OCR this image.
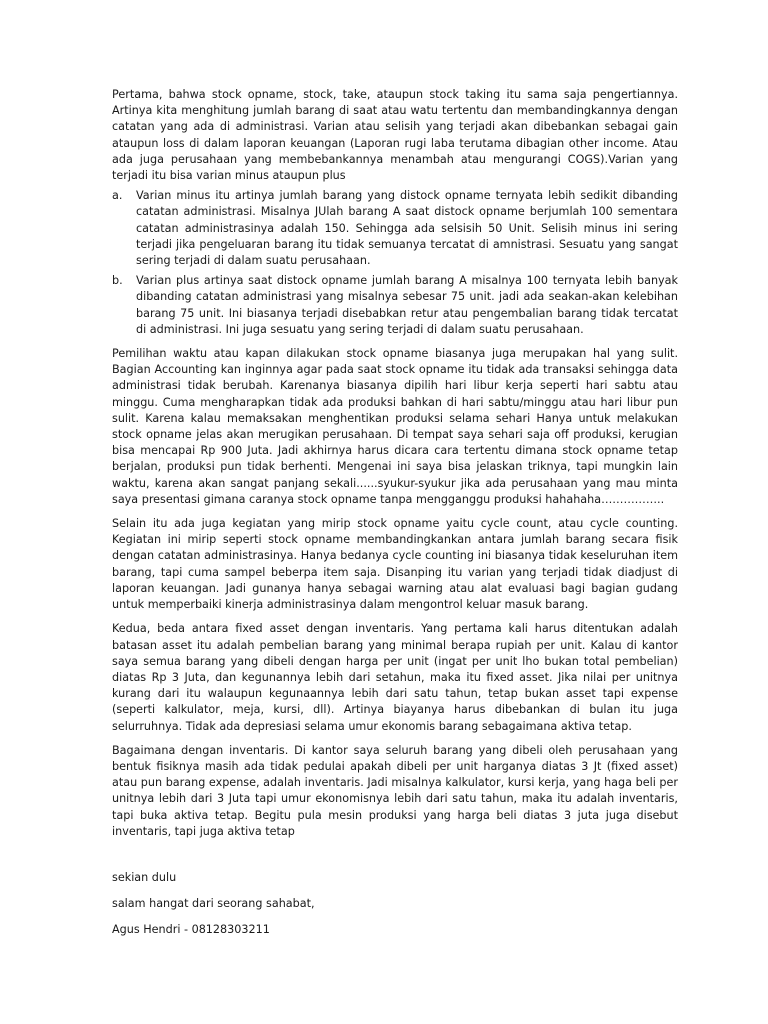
Pertama, bahwa stock opname, stock, take, ataupun stock taking itu sama saja pengertiannya. Artinya kita menghitung jumlah barang di saat atau watu tertentu dan membandingkannya dengan catatan yang ada di administrasi. Varian atau selisih yang terjadi akan dibebankan sebagai gain ataupun loss di dalam laporan keuangan (Laporan rugi laba terutama dibagian other income. Atau ada juga perusahaan yang membebankannya menambah atau mengurangi COGS).Varian yang terjadi itu bisa varian minus ataupun plus

a.	Varian minus itu artinya jumlah barang yang distock opname ternyata lebih sedikit dibanding catatan administrasi. Misalnya JUlah barang A saat distock opname berjumlah 100 sementara catatan administrasinya adalah 150. Sehingga ada selsisih 50 Unit. Selisih minus ini sering terjadi jika pengeluaran barang itu tidak semuanya tercatat di amnistrasi. Sesuatu yang sangat sering terjadi di dalam suatu perusahaan.
b.	Varian plus artinya saat distock opname jumlah barang A misalnya 100 ternyata lebih banyak dibanding catatan administrasi yang misalnya sebesar 75 unit. jadi ada seakan-akan kelebihan barang 75 unit. Ini biasanya terjadi disebabkan retur atau pengembalian barang tidak tercatat di administrasi. Ini juga sesuatu yang sering terjadi di dalam suatu perusahaan.

Pemilihan waktu atau kapan dilakukan stock opname biasanya juga merupakan hal yang sulit. Bagian Accounting kan inginnya agar pada saat stock opname itu tidak ada transaksi sehingga data administrasi tidak berubah. Karenanya biasanya dipilih hari libur kerja seperti hari sabtu atau minggu. Cuma mengharapkan tidak ada produksi bahkan di hari sabtu/minggu atau hari libur pun sulit. Karena kalau memaksakan menghentikan produksi selama sehari Hanya untuk melakukan stock opname jelas akan merugikan perusahaan. Di tempat saya sehari saja off produksi, kerugian bisa mencapai Rp 900 Juta. Jadi akhirnya harus dicara cara tertentu dimana stock opname tetap berjalan, produksi pun tidak berhenti. Mengenai ini saya bisa jelaskan triknya, tapi mungkin lain waktu, karena akan sangat panjang sekali......syukur-syukur jika ada perusahaan yang mau minta saya presentasi gimana caranya stock opname tanpa mengganggu produksi hahahaha……………..

Selain itu ada juga kegiatan yang mirip stock opname yaitu cycle count, atau cycle counting. Kegiatan ini mirip seperti stock opname membandingkankan antara jumlah barang secara fisik dengan catatan administrasinya. Hanya bedanya cycle counting ini biasanya tidak keseluruhan item barang, tapi cuma sampel beberpa item saja. Disanping itu varian yang terjadi tidak diadjust di laporan keuangan. Jadi gunanya hanya sebagai warning atau alat evaluasi bagi bagian gudang untuk memperbaiki kinerja administrasinya dalam mengontrol keluar masuk barang.

Kedua, beda antara fixed asset dengan inventaris. Yang pertama kali harus ditentukan adalah batasan asset itu adalah pembelian barang yang minimal berapa rupiah per unit. Kalau di kantor saya semua barang yang dibeli dengan harga per unit (ingat per unit lho bukan total pembelian) diatas Rp 3 Juta, dan kegunannya lebih dari setahun, maka itu fixed asset. Jika nilai per unitnya kurang dari itu walaupun kegunaannya lebih dari satu tahun, tetap bukan asset tapi expense (seperti kalkulator, meja, kursi, dll). Artinya biayanya harus dibebankan di bulan itu juga selurruhnya. Tidak ada depresiasi selama umur ekonomis barang sebagaimana aktiva tetap.

Bagaimana dengan inventaris. Di kantor saya seluruh barang yang dibeli oleh perusahaan yang bentuk fisiknya masih ada tidak pedulai apakah dibeli per unit harganya diatas 3 Jt (fixed asset) atau pun barang expense, adalah inventaris. Jadi misalnya kalkulator, kursi kerja, yang haga beli per unitnya lebih dari 3 Juta tapi umur ekonomisnya lebih dari satu tahun, maka itu adalah inventaris, tapi buka aktiva tetap. Begitu pula mesin produksi yang harga beli diatas 3 juta juga disebut inventaris, tapi juga aktiva tetap

sekian dulu

salam hangat dari seorang sahabat,

Agus Hendri - 08128303211
